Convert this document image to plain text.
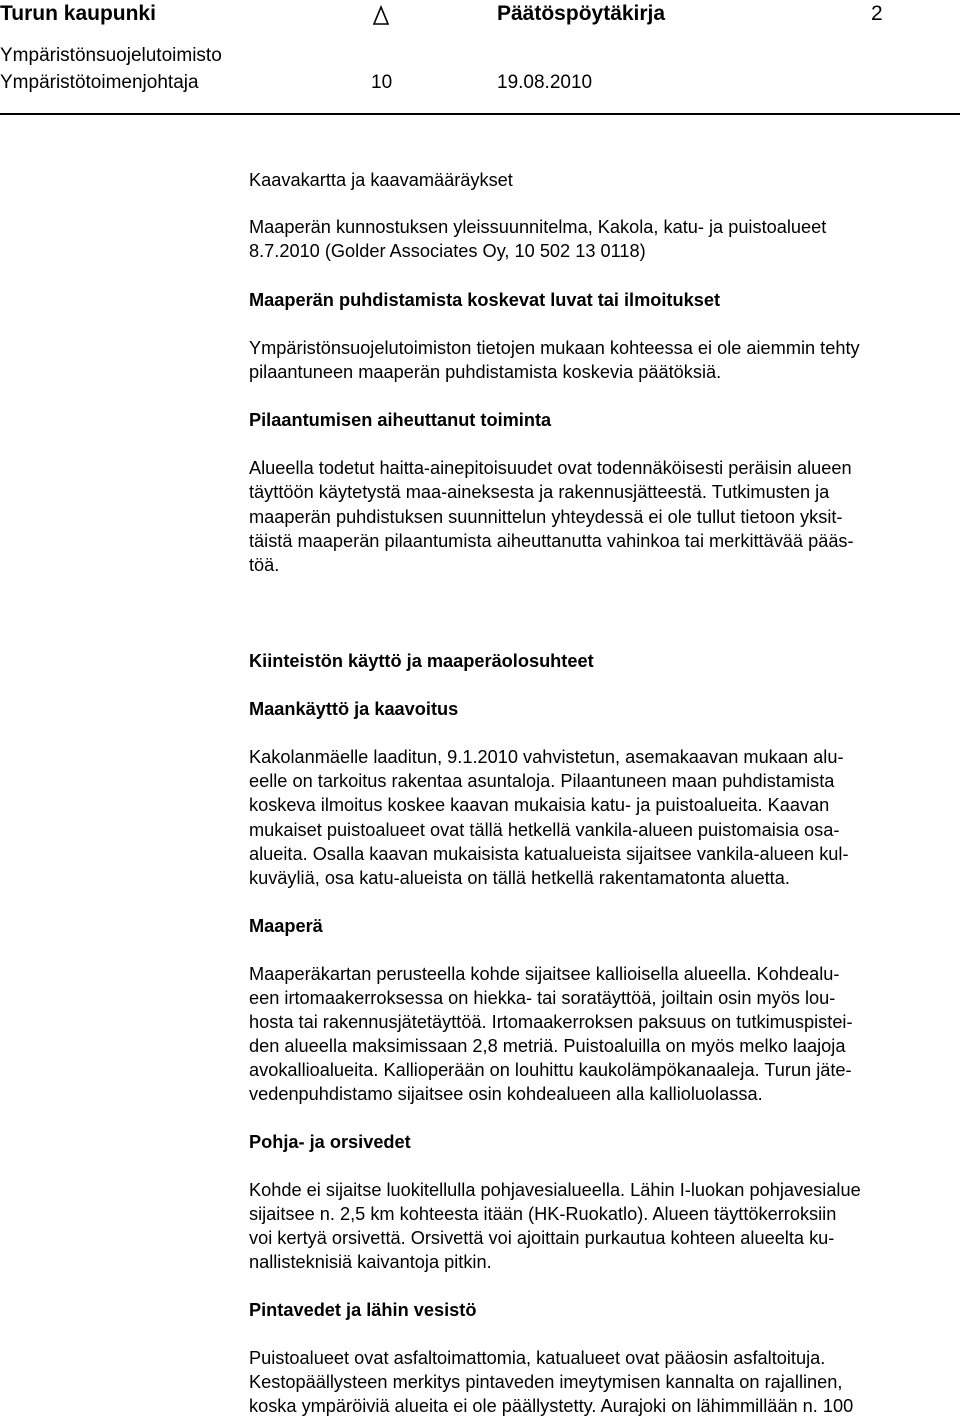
Turun kaupunki	Päätöspöytäkirja	2
Ympäristönsuojelutoimisto
Ympäristötoimenjohtaja	10	19.08.2010
Kaavakartta ja kaavamääräykset
Maaperän kunnostuksen yleissuunnitelma, Kakola, katu- ja puistoalueet
8.7.2010 (Golder Associates Oy, 10 502 13 0118)
Maaperän puhdistamista koskevat luvat tai ilmoitukset
Ympäristönsuojelutoimiston tietojen mukaan kohteessa ei ole aiemmin tehty
pilaantuneen maaperän puhdistamista koskevia päätöksiä.
Pilaantumisen aiheuttanut toiminta
Alueella todetut haitta-ainepitoisuudet ovat todennäköisesti peräisin alueen
täyttöön käytetystä maa-aineksesta ja rakennusjätteestä. Tutkimusten ja
maaperän puhdistuksen suunnittelun yhteydessä ei ole tullut tietoon yksit-
täistä maaperän pilaantumista aiheuttanutta vahinkoa tai merkittävää pääs-
töä.
Kiinteistön käyttö ja maaperäolosuhteet
Maankäyttö ja kaavoitus
Kakolanmäelle laaditun, 9.1.2010 vahvistetun, asemakaavan mukaan alu-
eelle on tarkoitus rakentaa asuntaloja. Pilaantuneen maan puhdistamista
koskeva ilmoitus koskee kaavan mukaisia katu- ja puistoalueita. Kaavan
mukaiset puistoalueet ovat tällä hetkellä vankila-alueen puistomaisia osa-
alueita. Osalla kaavan mukaisista katualueista sijaitsee vankila-alueen kul-
kuväyliä, osa katu-alueista on tällä hetkellä rakentamatonta aluetta.
Maaperä
Maaperäkartan perusteella kohde sijaitsee kallioisella alueella. Kohdealu-
een irtomaakerroksessa on hiekka- tai soratäyttöä, joiltain osin myös lou-
hosta tai rakennusjätetäyttöä. Irtomaakerroksen paksuus on tutkimuspistei-
den alueella maksimissaan 2,8 metriä. Puistoaluilla on myös melko laajoja
avokallioalueita. Kallioperään on louhittu kaukolämpökanaaleja. Turun jäte-
vedenpuhdistamo sijaitsee osin kohdealueen alla kallioluolassa.
Pohja- ja orsivedet
Kohde ei sijaitse luokitellulla pohjavesialueella. Lähin I-luokan pohjavesialue
sijaitsee n. 2,5 km kohteesta itään (HK-Ruokatlo). Alueen täyttökerroksiin
voi kertyä orsivettä. Orsivettä voi ajoittain purkautua kohteen alueelta ku-
nallisteknisiä kaivantoja pitkin.
Pintavedet ja lähin vesistö
Puistoalueet ovat asfaltoimattomia, katualueet ovat pääosin asfaltoituja.
Kestopäällysteen merkitys pintaveden imeytymisen kannalta on rajallinen,
koska ympäröiviä alueita ei ole päällystetty. Aurajoki on lähimmillään n. 100
